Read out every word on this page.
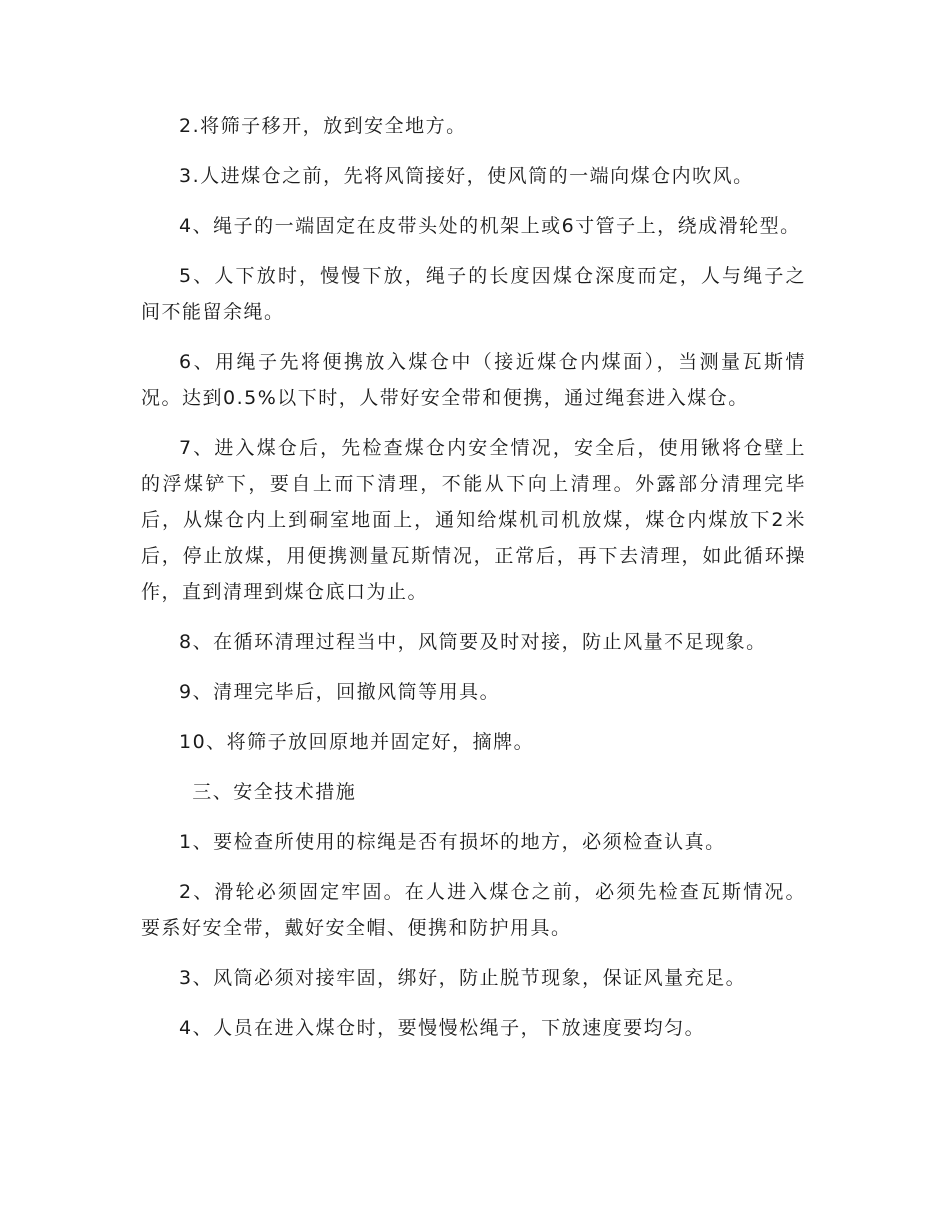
2.将筛子移开，放到安全地方。

3.人进煤仓之前，先将风筒接好，使风筒的一端向煤仓内吹风。

4、绳子的一端固定在皮带头处的机架上或6寸管子上，绕成滑轮型。

5、人下放时，慢慢下放，绳子的长度因煤仓深度而定，人与绳子之间不能留余绳。

6、用绳子先将便携放入煤仓中（接近煤仓内煤面），当测量瓦斯情况。达到0.5%以下时，人带好安全带和便携，通过绳套进入煤仓。

7、进入煤仓后，先检查煤仓内安全情况，安全后，使用锹将仓壁上的浮煤铲下，要自上而下清理，不能从下向上清理。外露部分清理完毕后，从煤仓内上到硐室地面上，通知给煤机司机放煤，煤仓内煤放下2米后，停止放煤，用便携测量瓦斯情况，正常后，再下去清理，如此循环操作，直到清理到煤仓底口为止。

8、在循环清理过程当中，风筒要及时对接，防止风量不足现象。

9、清理完毕后，回撤风筒等用具。

10、将筛子放回原地并固定好，摘牌。

三、安全技术措施

1、要检查所使用的棕绳是否有损坏的地方，必须检查认真。

2、滑轮必须固定牢固。在人进入煤仓之前，必须先检查瓦斯情况。要系好安全带，戴好安全帽、便携和防护用具。

3、风筒必须对接牢固，绑好，防止脱节现象，保证风量充足。

4、人员在进入煤仓时，要慢慢松绳子，下放速度要均匀。
